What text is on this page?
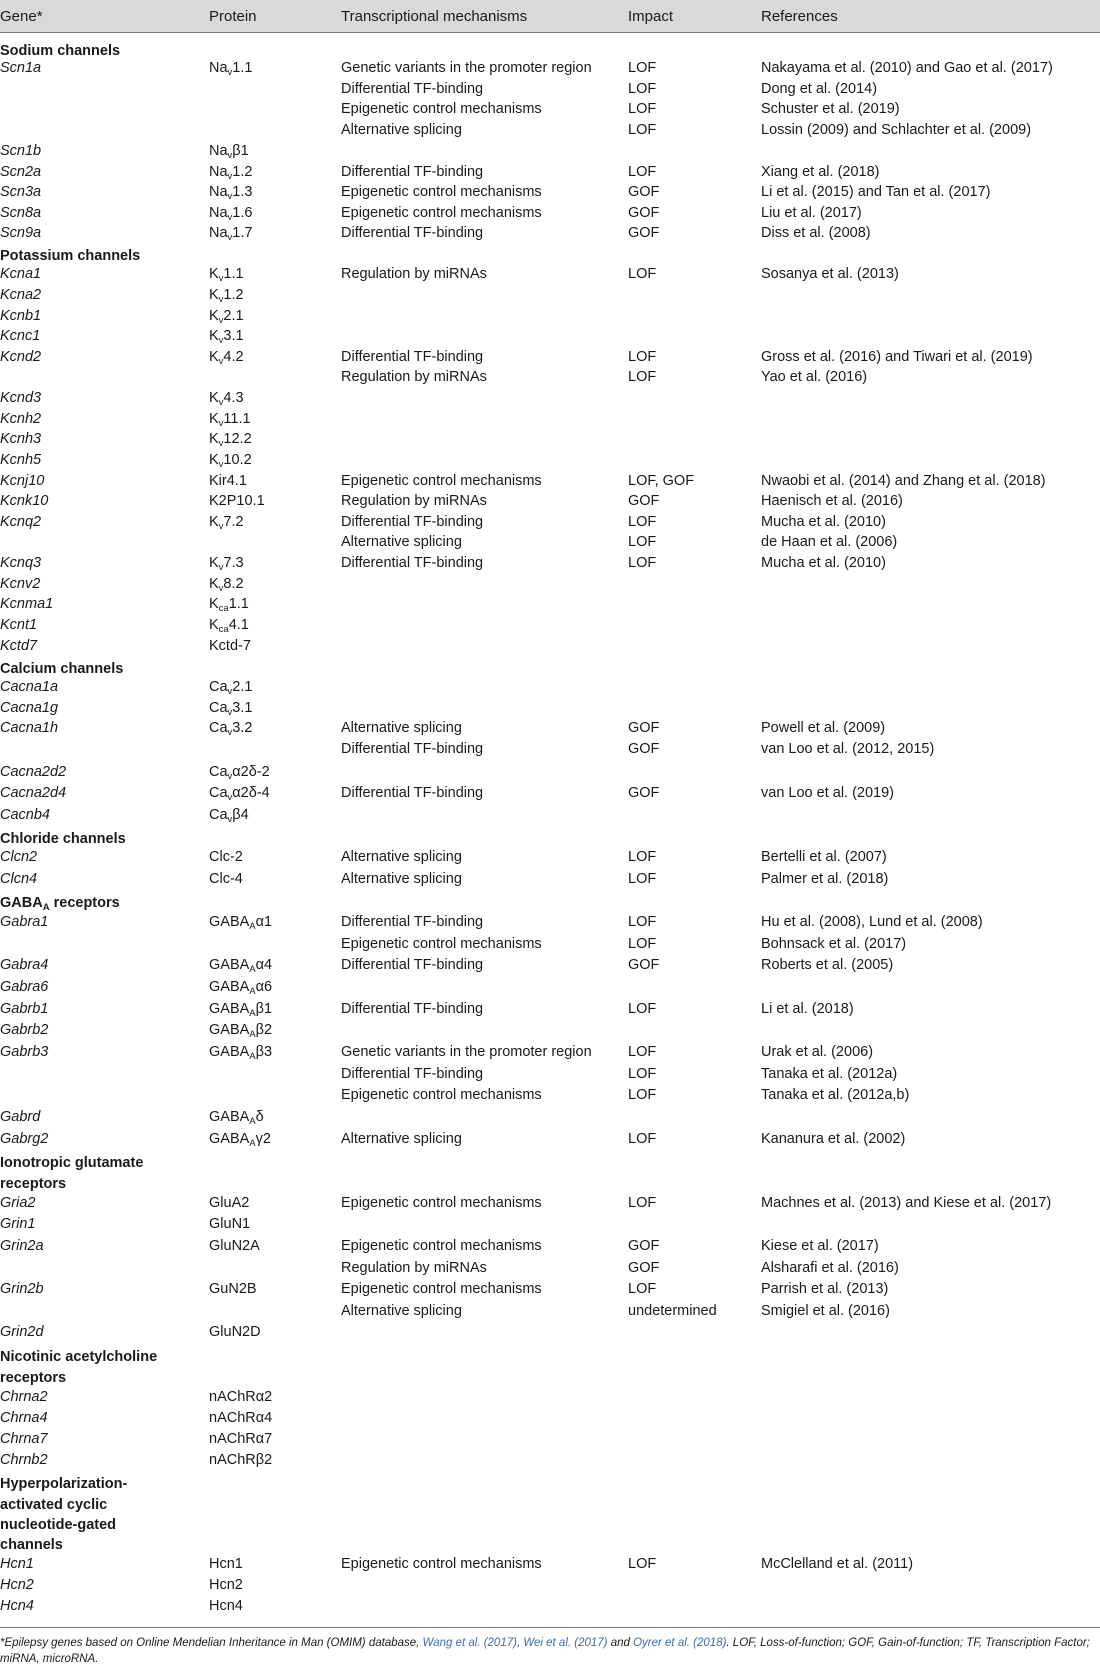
Gene*	Protein	Transcriptional mechanisms	Impact	References
Sodium channels
Scn1a	$Na_v1.1$	Genetic variants in the promoter region	LOF	Nakayama et al. (2010) and Gao et al. (2017)
Differential TF-binding	LOF	Dong et al. (2014)
Epigenetic control mechanisms	LOF	Schuster et al. (2019)
Alternative splicing	LOF	Lossin (2009) and Schlachter et al. (2009)
Scn1b	$Na_v\beta 1$
Scn2a	$Na_v1.2$	Differential TF-binding	LOF	Xiang et al. (2018)
Scn3a	$Na_v1.3$	Epigenetic control mechanisms	GOF	Li et al. (2015) and Tan et al. (2017)
Scn8a	$Na_v1.6$	Epigenetic control mechanisms	GOF	Liu et al. (2017)
Scn9a	$Na_v1.7$	Differential TF-binding	GOF	Diss et al. (2008)
Potassium channels
Kcna1	$K_v1.1$	Regulation by miRNAs	LOF	Sosanya et al. (2013)
Kcna2	$K_v1.2$
Kcnb1	$K_v2.1$
Kcnc1	$K_v3.1$
Kcnd2	$K_v4.2$	Differential TF-binding	LOF	Gross et al. (2016) and Tiwari et al. (2019)
Regulation by miRNAs	LOF	Yao et al. (2016)
Kcnd3	$K_v4.3$
Kcnh2	$K_v11.1$
Kcnh3	$K_v12.2$
Kcnh5	$K_v10.2$
Kcnj10	Kir4.1	Epigenetic control mechanisms	LOF, GOF	Nwaobi et al. (2014) and Zhang et al. (2018)
Kcnk10	K2P10.1	Regulation by miRNAs	GOF	Haenisch et al. (2016)
Kcnq2	$K_v7.2$	Differential TF-binding	LOF	Mucha et al. (2010)
Alternative splicing	LOF	de Haan et al. (2006)
Kcnq3	$K_v7.3$	Differential TF-binding	LOF	Mucha et al. (2010)
Kcnv2	$K_v8.2$
Kcnma1	$K_{ca}1.1$
Kcnt1	$K_{ca}4.1$
Kctd7	Kctd-7
Calcium channels
Cacna1a	$Ca_v2.1$
Cacna1g	$Ca_v3.1$
Cacna1h	$Ca_v3.2$	Alternative splicing	GOF	Powell et al. (2009)
Differential TF-binding	GOF	van Loo et al. (2012, 2015)
Cacna2d2	$Ca_v\alpha 2\delta-2$
Cacna2d4	$Ca_v\alpha 2\delta-4$	Differential TF-binding	GOF	van Loo et al. (2019)
Cacnb4	$Ca_v\beta 4$
Chloride channels
Clcn2	Clc-2	Alternative splicing	LOF	Bertelli et al. (2007)
Clcn4	Clc-4	Alternative splicing	LOF	Palmer et al. (2018)
$GABA_A$ receptors
Gabra1	$GABA_A\alpha 1$	Differential TF-binding	LOF	Hu et al. (2008), Lund et al. (2008)
Epigenetic control mechanisms	LOF	Bohnsack et al. (2017)
Gabra4	$GABA_A\alpha 4$	Differential TF-binding	GOF	Roberts et al. (2005)
Gabra6	$GABA_A\alpha 6$
Gabrb1	$GABA_A\beta 1$	Differential TF-binding	LOF	Li et al. (2018)
Gabrb2	$GABA_A\beta 2$
Gabrb3	$GABA_A\beta 3$	Genetic variants in the promoter region	LOF	Urak et al. (2006)
Differential TF-binding	LOF	Tanaka et al. (2012a)
Epigenetic control mechanisms	LOF	Tanaka et al. (2012a,b)
Gabrd	$GABA_A\delta$
Gabrg2	$GABA_A\gamma 2$	Alternative splicing	LOF	Kananura et al. (2002)
Ionotropic glutamate
receptors
Gria2	GluA2	Epigenetic control mechanisms	LOF	Machnes et al. (2013) and Kiese et al. (2017)
Grin1	GluN1
Grin2a	GluN2A	Epigenetic control mechanisms	GOF	Kiese et al. (2017)
Regulation by miRNAs	GOF	Alsharafi et al. (2016)
Grin2b	GuN2B	Epigenetic control mechanisms	LOF	Parrish et al. (2013)
Alternative splicing	undetermined	Smigiel et al. (2016)
Grin2d	GluN2D
Nicotinic acetylcholine
receptors
Chrna2	nAChRα2
Chrna4	nAChRα4
Chrna7	nAChRα7
Chrnb2	nAChRβ2
Hyperpolarization-
activated cyclic
nucleotide-gated
channels
Hcn1	Hcn1	Epigenetic control mechanisms	LOF	McClelland et al. (2011)
Hcn2	Hcn2
Hcn4	Hcn4
*Epilepsy genes based on Online Mendelian Inheritance in Man (OMIM) database, Wang et al. (2017), Wei et al. (2017) and Oyrer et al. (2018). LOF, Loss-of-function; GOF, Gain-of-function; TF, Transcription Factor; miRNA, microRNA.
